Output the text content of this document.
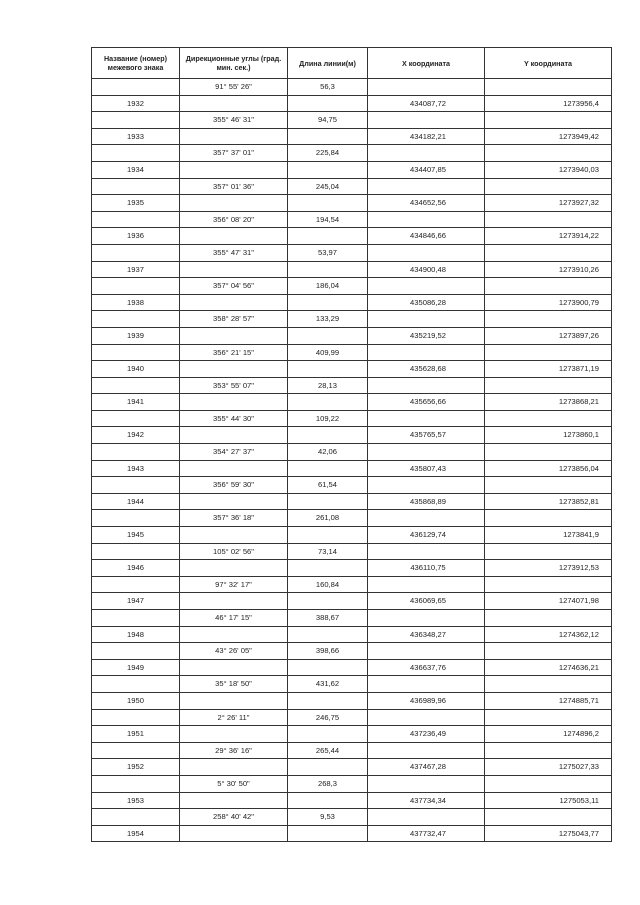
Название (номер) межевого знака	Дирекционные углы (град. мин. сек.)	Длина линии(м)	X координата	Y координата
	91° 55' 26"	56,3		
1932			434087,72	1273956,4
	355° 46' 31"	94,75		
1933			434182,21	1273949,42
	357° 37' 01"	225,84		
1934			434407,85	1273940,03
	357° 01' 36"	245,04		
1935			434652,56	1273927,32
	356° 08' 20"	194,54		
1936			434846,66	1273914,22
	355° 47' 31"	53,97		
1937			434900,48	1273910,26
	357° 04' 56"	186,04		
1938			435086,28	1273900,79
	358° 28' 57"	133,29		
1939			435219,52	1273897,26
	356° 21' 15"	409,99		
1940			435628,68	1273871,19
	353° 55' 07"	28,13		
1941			435656,66	1273868,21
	355° 44' 30"	109,22		
1942			435765,57	1273860,1
	354° 27' 37"	42,06		
1943			435807,43	1273856,04
	356° 59' 30"	61,54		
1944			435868,89	1273852,81
	357° 36' 18"	261,08		
1945			436129,74	1273841,9
	105° 02' 56"	73,14		
1946			436110,75	1273912,53
	97° 32' 17"	160,84		
1947			436069,65	1274071,98
	46° 17' 15"	388,67		
1948			436348,27	1274362,12
	43° 26' 05"	398,66		
1949			436637,76	1274636,21
	35° 18' 50"	431,62		
1950			436989,96	1274885,71
	2° 26' 11"	246,75		
1951			437236,49	1274896,2
	29° 36' 16"	265,44		
1952			437467,28	1275027,33
	5° 30' 50"	268,3		
1953			437734,34	1275053,11
	258° 40' 42"	9,53		
1954			437732,47	1275043,77
